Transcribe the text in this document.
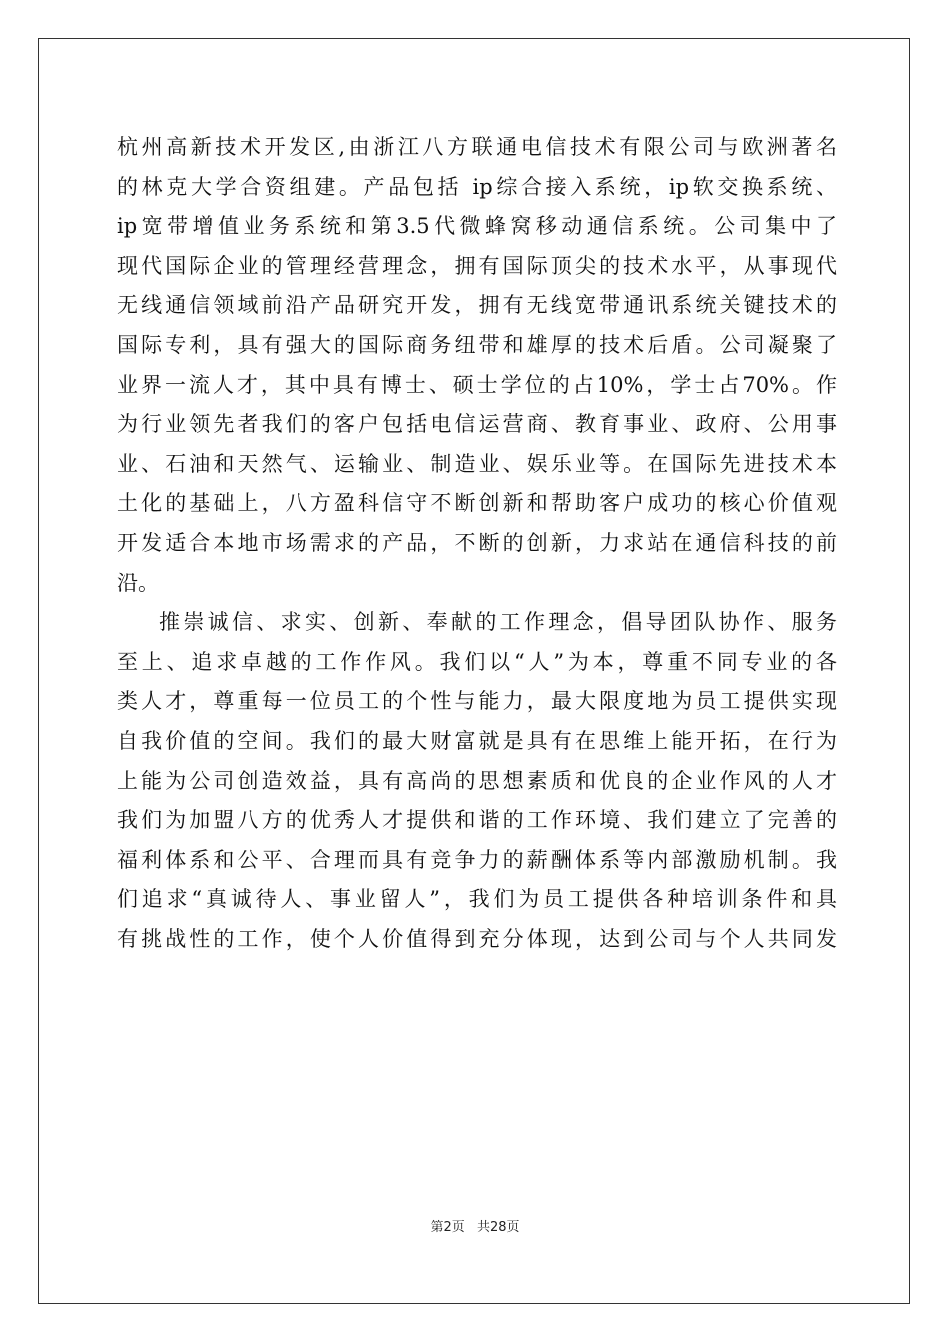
杭州高新技术开发区,由浙江八方联通电信技术有限公司与欧洲著名
的林克大学合资组建。产品包括 ip综合接入系统，ip软交换系统、
ip宽带增值业务系统和第3.5代微蜂窝移动通信系统。公司集中了
现代国际企业的管理经营理念，拥有国际顶尖的技术水平，从事现代
无线通信领域前沿产品研究开发，拥有无线宽带通讯系统关键技术的
国际专利，具有强大的国际商务纽带和雄厚的技术后盾。公司凝聚了
业界一流人才，其中具有博士、硕士学位的占10%，学士占70%。作
为行业领先者我们的客户包括电信运营商、教育事业、政府、公用事
业、石油和天然气、运输业、制造业、娱乐业等。在国际先进技术本
土化的基础上，八方盈科信守不断创新和帮助客户成功的核心价值观
开发适合本地市场需求的产品，不断的创新，力求站在通信科技的前
沿。
推崇诚信、求实、创新、奉献的工作理念，倡导团队协作、服务
至上、追求卓越的工作作风。我们以“人”为本，尊重不同专业的各
类人才，尊重每一位员工的个性与能力，最大限度地为员工提供实现
自我价值的空间。我们的最大财富就是具有在思维上能开拓，在行为
上能为公司创造效益，具有高尚的思想素质和优良的企业作风的人才
我们为加盟八方的优秀人才提供和谐的工作环境、我们建立了完善的
福利体系和公平、合理而具有竞争力的薪酬体系等内部激励机制。我
们追求“真诚待人、事业留人”，我们为员工提供各种培训条件和具
有挑战性的工作，使个人价值得到充分体现，达到公司与个人共同发
第2页 共28页
